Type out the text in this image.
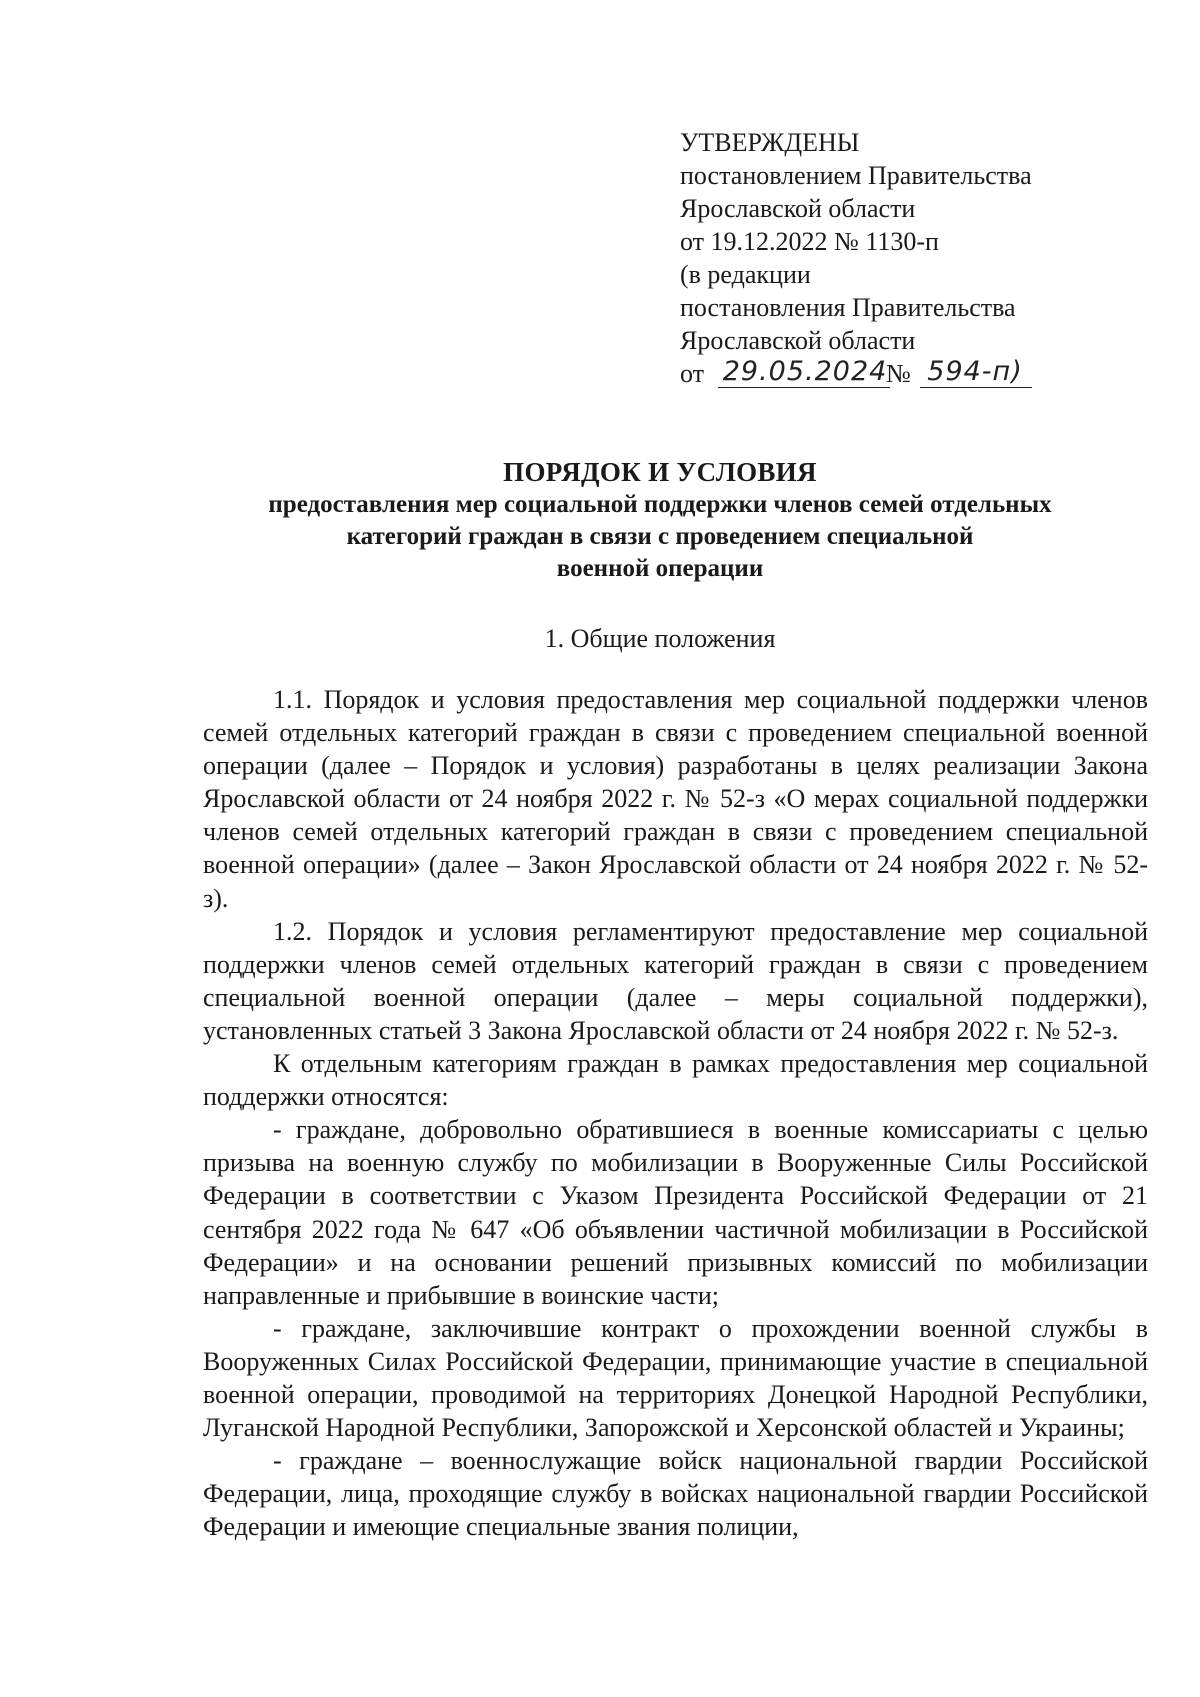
УТВЕРЖДЕНЫ
постановлением Правительства
Ярославской области
от 19.12.2022 № 1130-п
(в редакции
постановления Правительства
Ярославской области
от 29.05.2024
№ 594-п)
ПОРЯДОК И УСЛОВИЯ
предоставления мер социальной поддержки членов семей отдельных
категорий граждан в связи с проведением специальной
военной операции
1. Общие положения

1.1. Порядок и условия предоставления мер социальной поддержки членов семей отдельных категорий граждан в связи с проведением специальной военной операции (далее – Порядок и условия) разработаны в целях реализации Закона Ярославской области от 24 ноября 2022 г. № 52-з «О мерах социальной поддержки членов семей отдельных категорий граждан в связи с проведением специальной военной операции» (далее – Закон Ярославской области от 24 ноября 2022 г. № 52-з).

1.2. Порядок и условия регламентируют предоставление мер социальной поддержки членов семей отдельных категорий граждан в связи с проведением специальной военной операции (далее – меры социальной поддержки), установленных статьей 3 Закона Ярославской области от 24 ноября 2022 г. № 52-з.

К отдельным категориям граждан в рамках предоставления мер социальной поддержки относятся:

- граждане, добровольно обратившиеся в военные комиссариаты с целью призыва на военную службу по мобилизации в Вооруженные Силы Российской Федерации в соответствии с Указом Президента Российской Федерации от 21 сентября 2022 года № 647 «Об объявлении частичной мобилизации в Российской Федерации» и на основании решений призывных комиссий по мобилизации направленные и прибывшие в воинские части;

- граждане, заключившие контракт о прохождении военной службы в Вооруженных Силах Российской Федерации, принимающие участие в специальной военной операции, проводимой на территориях Донецкой Народной Республики, Луганской Народной Республики, Запорожской и Херсонской областей и Украины;

- граждане – военнослужащие войск национальной гвардии Российской Федерации, лица, проходящие службу в войсках национальной гвардии Российской Федерации и имеющие специальные звания полиции,
